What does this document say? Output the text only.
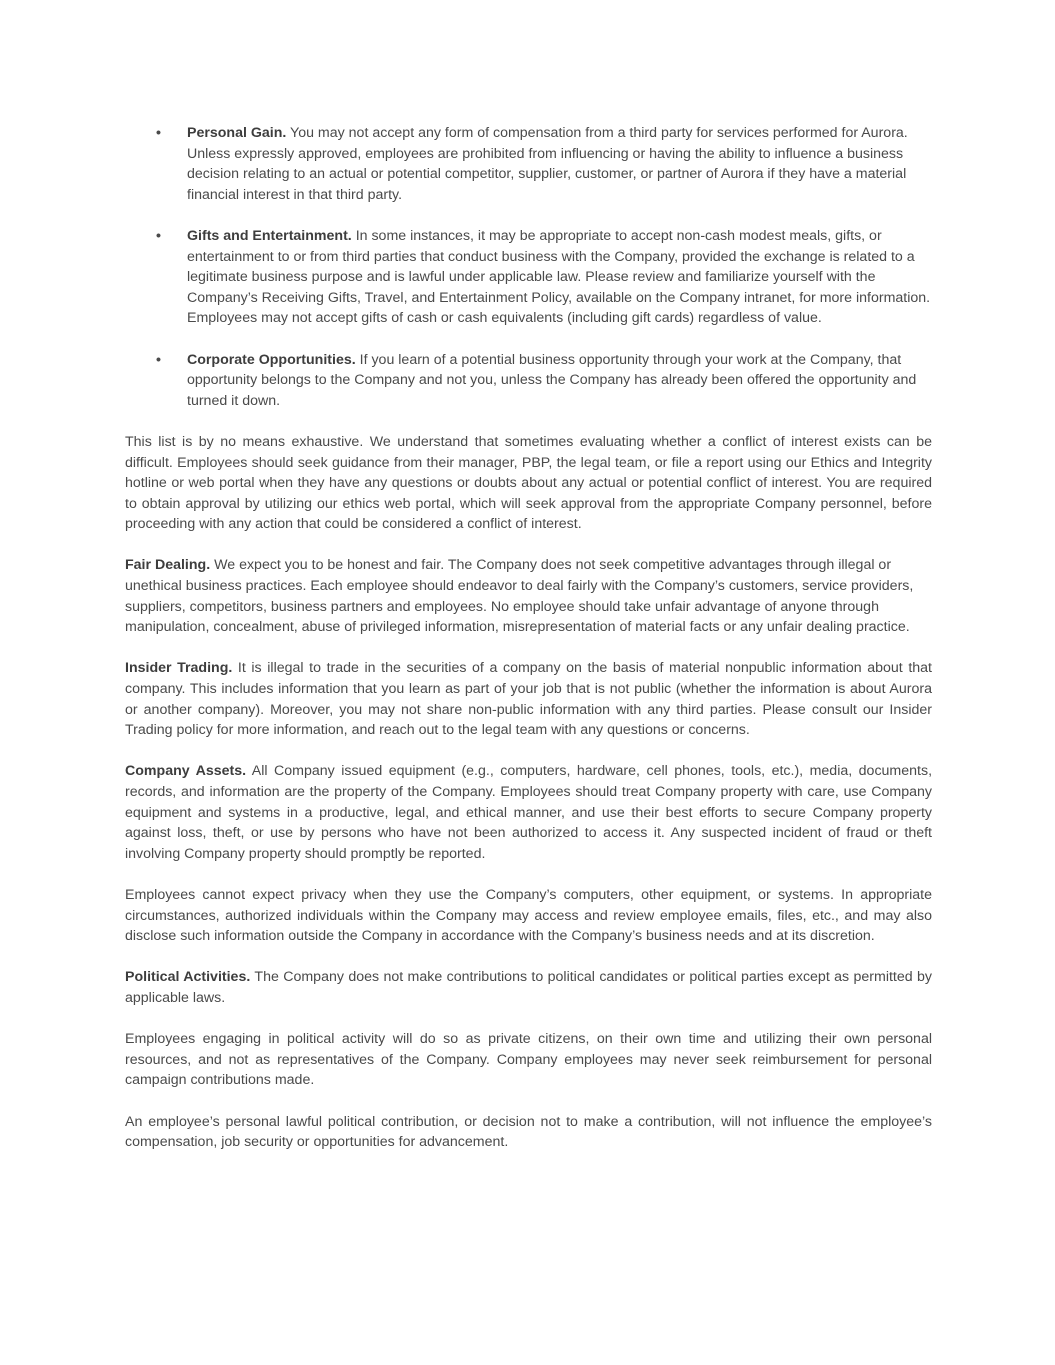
• Personal Gain. You may not accept any form of compensation from a third party for services performed for Aurora. Unless expressly approved, employees are prohibited from influencing or having the ability to influence a business decision relating to an actual or potential competitor, supplier, customer, or partner of Aurora if they have a material financial interest in that third party.
• Gifts and Entertainment. In some instances, it may be appropriate to accept non-cash modest meals, gifts, or entertainment to or from third parties that conduct business with the Company, provided the exchange is related to a legitimate business purpose and is lawful under applicable law. Please review and familiarize yourself with the Company’s Receiving Gifts, Travel, and Entertainment Policy, available on the Company intranet, for more information. Employees may not accept gifts of cash or cash equivalents (including gift cards) regardless of value.
• Corporate Opportunities. If you learn of a potential business opportunity through your work at the Company, that opportunity belongs to the Company and not you, unless the Company has already been offered the opportunity and turned it down.

This list is by no means exhaustive. We understand that sometimes evaluating whether a conflict of interest exists can be difficult. Employees should seek guidance from their manager, PBP, the legal team, or file a report using our Ethics and Integrity hotline or web portal when they have any questions or doubts about any actual or potential conflict of interest. You are required to obtain approval by utilizing our ethics web portal, which will seek approval from the appropriate Company personnel, before proceeding with any action that could be considered a conflict of interest.

Fair Dealing. We expect you to be honest and fair. The Company does not seek competitive advantages through illegal or unethical business practices. Each employee should endeavor to deal fairly with the Company’s customers, service providers, suppliers, competitors, business partners and employees. No employee should take unfair advantage of anyone through manipulation, concealment, abuse of privileged information, misrepresentation of material facts or any unfair dealing practice.

Insider Trading. It is illegal to trade in the securities of a company on the basis of material nonpublic information about that company. This includes information that you learn as part of your job that is not public (whether the information is about Aurora or another company). Moreover, you may not share non-public information with any third parties. Please consult our Insider Trading policy for more information, and reach out to the legal team with any questions or concerns.

Company Assets. All Company issued equipment (e.g., computers, hardware, cell phones, tools, etc.), media, documents, records, and information are the property of the Company. Employees should treat Company property with care, use Company equipment and systems in a productive, legal, and ethical manner, and use their best efforts to secure Company property against loss, theft, or use by persons who have not been authorized to access it. Any suspected incident of fraud or theft involving Company property should promptly be reported.

Employees cannot expect privacy when they use the Company’s computers, other equipment, or systems. In appropriate circumstances, authorized individuals within the Company may access and review employee emails, files, etc., and may also disclose such information outside the Company in accordance with the Company’s business needs and at its discretion.

Political Activities. The Company does not make contributions to political candidates or political parties except as permitted by applicable laws.

Employees engaging in political activity will do so as private citizens, on their own time and utilizing their own personal resources, and not as representatives of the Company. Company employees may never seek reimbursement for personal campaign contributions made.

An employee’s personal lawful political contribution, or decision not to make a contribution, will not influence the employee’s compensation, job security or opportunities for advancement.
